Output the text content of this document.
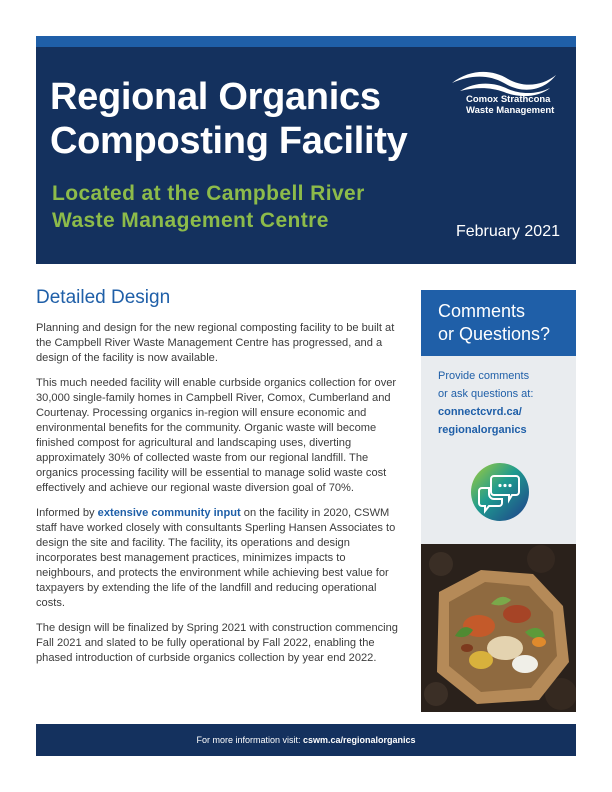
Regional Organics
Composting Facility

Located at the Campbell River
Waste Management Centre	February 2021
Comox Strathcona
Waste Management
Detailed Design

Planning and design for the new regional composting facility to be built at the Campbell River Waste Management Centre has progressed, and a design of the facility is now available.

This much needed facility will enable curbside organics collection for over 30,000 single-family homes in Campbell River, Comox, Cumberland and Courtenay. Processing organics in-region will ensure economic and environmental benefits for the community. Organic waste will become finished compost for agricultural and landscaping uses, diverting approximately 30% of collected waste from our regional landfill. The organics processing facility will be essential to manage solid waste cost effectively and achieve our regional waste diversion goal of 70%.

Informed by extensive community input on the facility in 2020, CSWM staff have worked closely with consultants Sperling Hansen Associates to design the site and facility. The facility, its operations and design incorporates best management practices, minimizes impacts to neighbours, and protects the environment while achieving best value for taxpayers by extending the life of the landfill and reducing operational costs.

The design will be finalized by Spring 2021 with construction commencing Fall 2021 and slated to be fully operational by Fall 2022, enabling the phased introduction of curbside organics collection by year end 2022.

Comments
or Questions?
Provide comments
or ask questions at:
connectcvrd.ca/
regionalorganics
For more information visit: cswm.ca/regionalorganics
